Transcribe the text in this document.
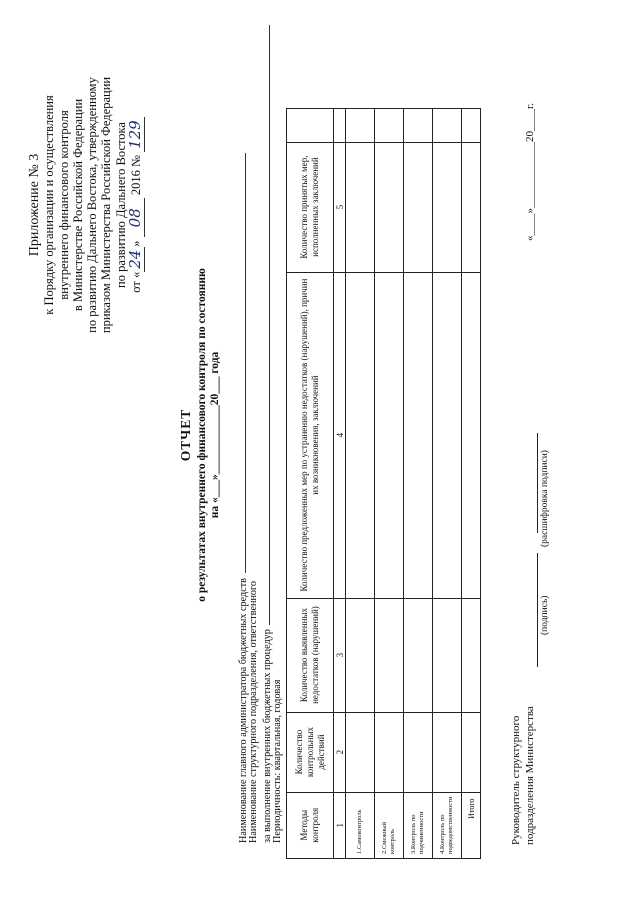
Приложение № 3 к Порядку организации и осуществления внутреннего финансового контроля в Министерстве Российской Федерации по развитию Дальнего Востока, утвержденному приказом Министерства Российской Федерации по развитию Дальнего Востока от «24» 08 2016 № 129
ОТЧЕТ о результатах внутреннего финансового контроля по состоянию на «___»____________20___ года
Наименование главного администратора бюджетных средств Наименование структурного подразделения, ответственного за выполнение внутренних бюджетных процедур Периодичность: квартальная, годовая Методы контроля	Количество контрольных действий	Количество выявленных недостатков (нарушений)	Количество предложенных мер по устранению недостатков (нарушений), причин их возникновения, заключений	Количество принятых мер, исполненных заключений	
1	2	3	4	5	
1.Самоконтроль					
2.Смежный контроль					
3.Контроль по подчиненности					
4.Контроль по подведомственности					
Итого						Руководитель структурного подразделения Министерства
(подпись)
(расшифровка подписи)
«____»____________20____г.
